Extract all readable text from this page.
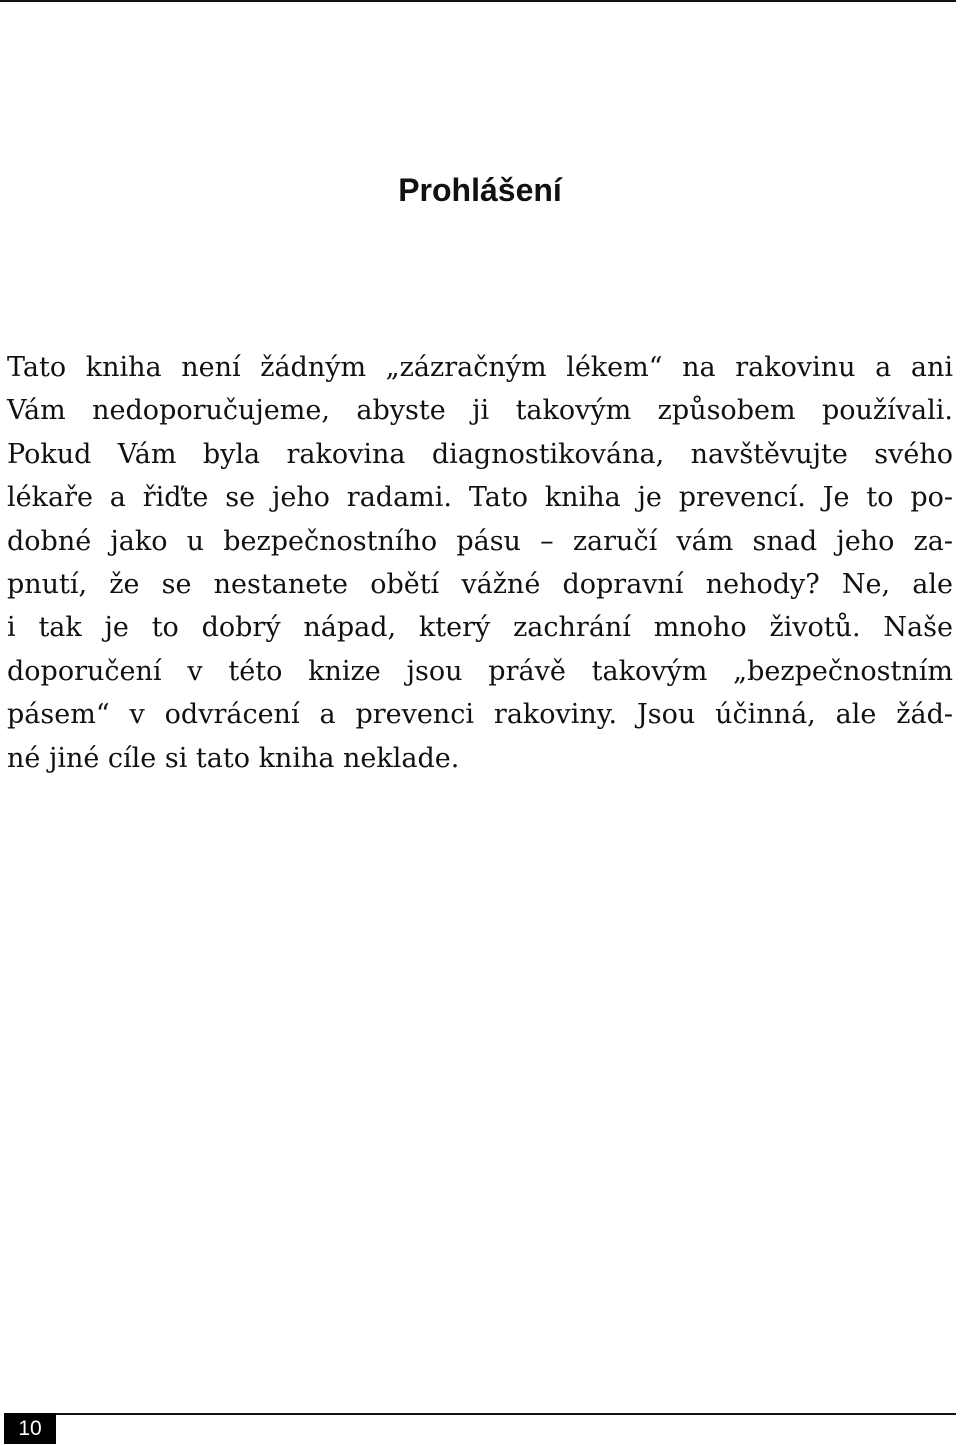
Prohlášení

Tato kniha není žádným „zázračným lékem“ na rakovinu a ani
Vám nedoporučujeme, abyste ji takovým způsobem používali.
Pokud Vám byla rakovina diagnostikována, navštěvujte svého
lékaře a řiďte se jeho radami. Tato kniha je prevencí. Je to po-
dobné jako u bezpečnostního pásu – zaručí vám snad jeho za-
pnutí, že se nestanete obětí vážné dopravní nehody? Ne, ale
i tak je to dobrý nápad, který zachrání mnoho životů. Naše
doporučení v této knize jsou právě takovým „bezpečnostním
pásem“ v odvrácení a prevenci rakoviny. Jsou účinná, ale žád-
né jiné cíle si tato kniha neklade.

10
